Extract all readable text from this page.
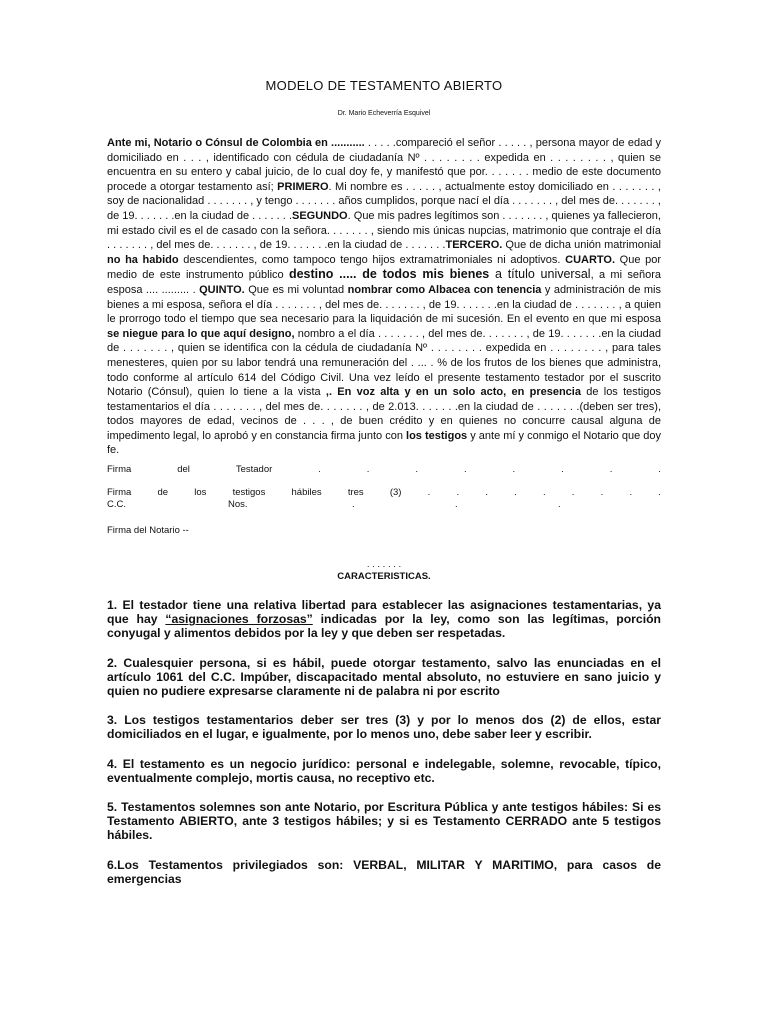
MODELO DE TESTAMENTO ABIERTO
Dr. Mario Echeverría Esquivel
Ante mi, Notario o Cónsul de Colombia en ........... . . . . .compareció el señor . . . . . , persona mayor de edad y domiciliado en . . . , identificado con cédula de ciudadanía Nº . . . . . . . . expedida en . . . . . . . . , quien se encuentra en su entero y cabal juicio, de lo cual doy fe, y manifestó que por. . . . . . . medio de este documento procede a otorgar testamento así; PRIMERO. Mi nombre es . . . . . , actualmente estoy domiciliado en . . . . . . . , soy de nacionalidad . . . . . . . , y tengo . . . . . . . años cumplidos, porque nací el día . . . . . . . , del mes de. . . . . . . , de 19. . . . . . .en la ciudad de . . . . . . .SEGUNDO. Que mis padres legítimos son . . . . . . . , quienes ya fallecieron, mi estado civil es el de casado con la señora. . . . . . . , siendo mis únicas nupcias, matrimonio que contraje el día . . . . . . . , del mes de. . . . . . . , de 19. . . . . . .en la ciudad de . . . . . . .TERCERO. Que de dicha unión matrimonial no ha habido descendientes, como tampoco tengo hijos extramatrimoniales ni adoptivos. CUARTO. Que por medio de este instrumento público destino ..... de todos mis bienes a título universal, a mi señora esposa .... ......... . QUINTO. Que es mi voluntad nombrar como Albacea con tenencia y administración de mis bienes a mi esposa, señora el día . . . . . . . , del mes de. . . . . . . , de 19. . . . . . .en la ciudad de . . . . . . . , a quien le prorrogo todo el tiempo que sea necesario para la liquidación de mi sucesión. En el evento en que mi esposa se niegue para lo que aquí designo, nombro a el día . . . . . . . , del mes de. . . . . . . , de 19. . . . . . .en la ciudad de . . . . . . . , quien se identifica con la cédula de ciudadanía Nº . . . . . . . . expedida en . . . . . . . . , para tales menesteres, quien por su labor tendrá una remuneración del . ... . % de los frutos de los bienes que administra, todo conforme al artículo 614 del Código Civil. Una vez leído el presente testamento testador por el suscrito Notario (Cónsul), quien lo tiene a la vista ,. En voz alta y en un solo acto, en presencia de los testigos testamentarios el día . . . . . . . , del mes de. . . . . . . , de 2.013. . . . . . .en la ciudad de . . . . . . .(deben ser tres), todos mayores de edad, vecinos de . . . , de buen crédito y en quienes no concurre causal alguna de impedimento legal, lo aprobó y en constancia firma junto con los testigos y ante mí y conmigo el Notario que doy fe.
Firma	del	Testador	.	.	.	.	.	.	.	.
Firma	de	los	testigos	hábiles	tres	(3)	.	.	.	.	.	.	.	.	.
C.C.	Nos.	.	.	.
Firma del Notario --
. . . . . . .
CARACTERISTICAS.

1. El testador tiene una relativa libertad para establecer las asignaciones testamentarias, ya que hay “asignaciones forzosas” indicadas por la ley, como son las legítimas, porción conyugal y alimentos debidos por la ley y que deben ser respetadas.

2. Cualesquier persona, si es hábil, puede otorgar testamento, salvo las enunciadas en el artículo 1061 del C.C. Impúber, discapacitado mental absoluto, no estuviere en sano juicio y quien no pudiere expresarse claramente ni de palabra ni por escrito

3. Los testigos testamentarios deber ser tres (3) y por lo menos dos (2) de ellos, estar domiciliados en el lugar, e igualmente, por lo menos uno, debe saber leer y escribir.

4. El testamento es un negocio jurídico: personal e indelegable, solemne, revocable, típico, eventualmente complejo, mortis causa, no receptivo etc.

5. Testamentos solemnes son ante Notario, por Escritura Pública y ante testigos hábiles: Si es Testamento ABIERTO, ante 3 testigos hábiles; y si es Testamento CERRADO ante 5 testigos hábiles.

6.Los Testamentos privilegiados son: VERBAL, MILITAR Y MARITIMO, para casos de emergencias
